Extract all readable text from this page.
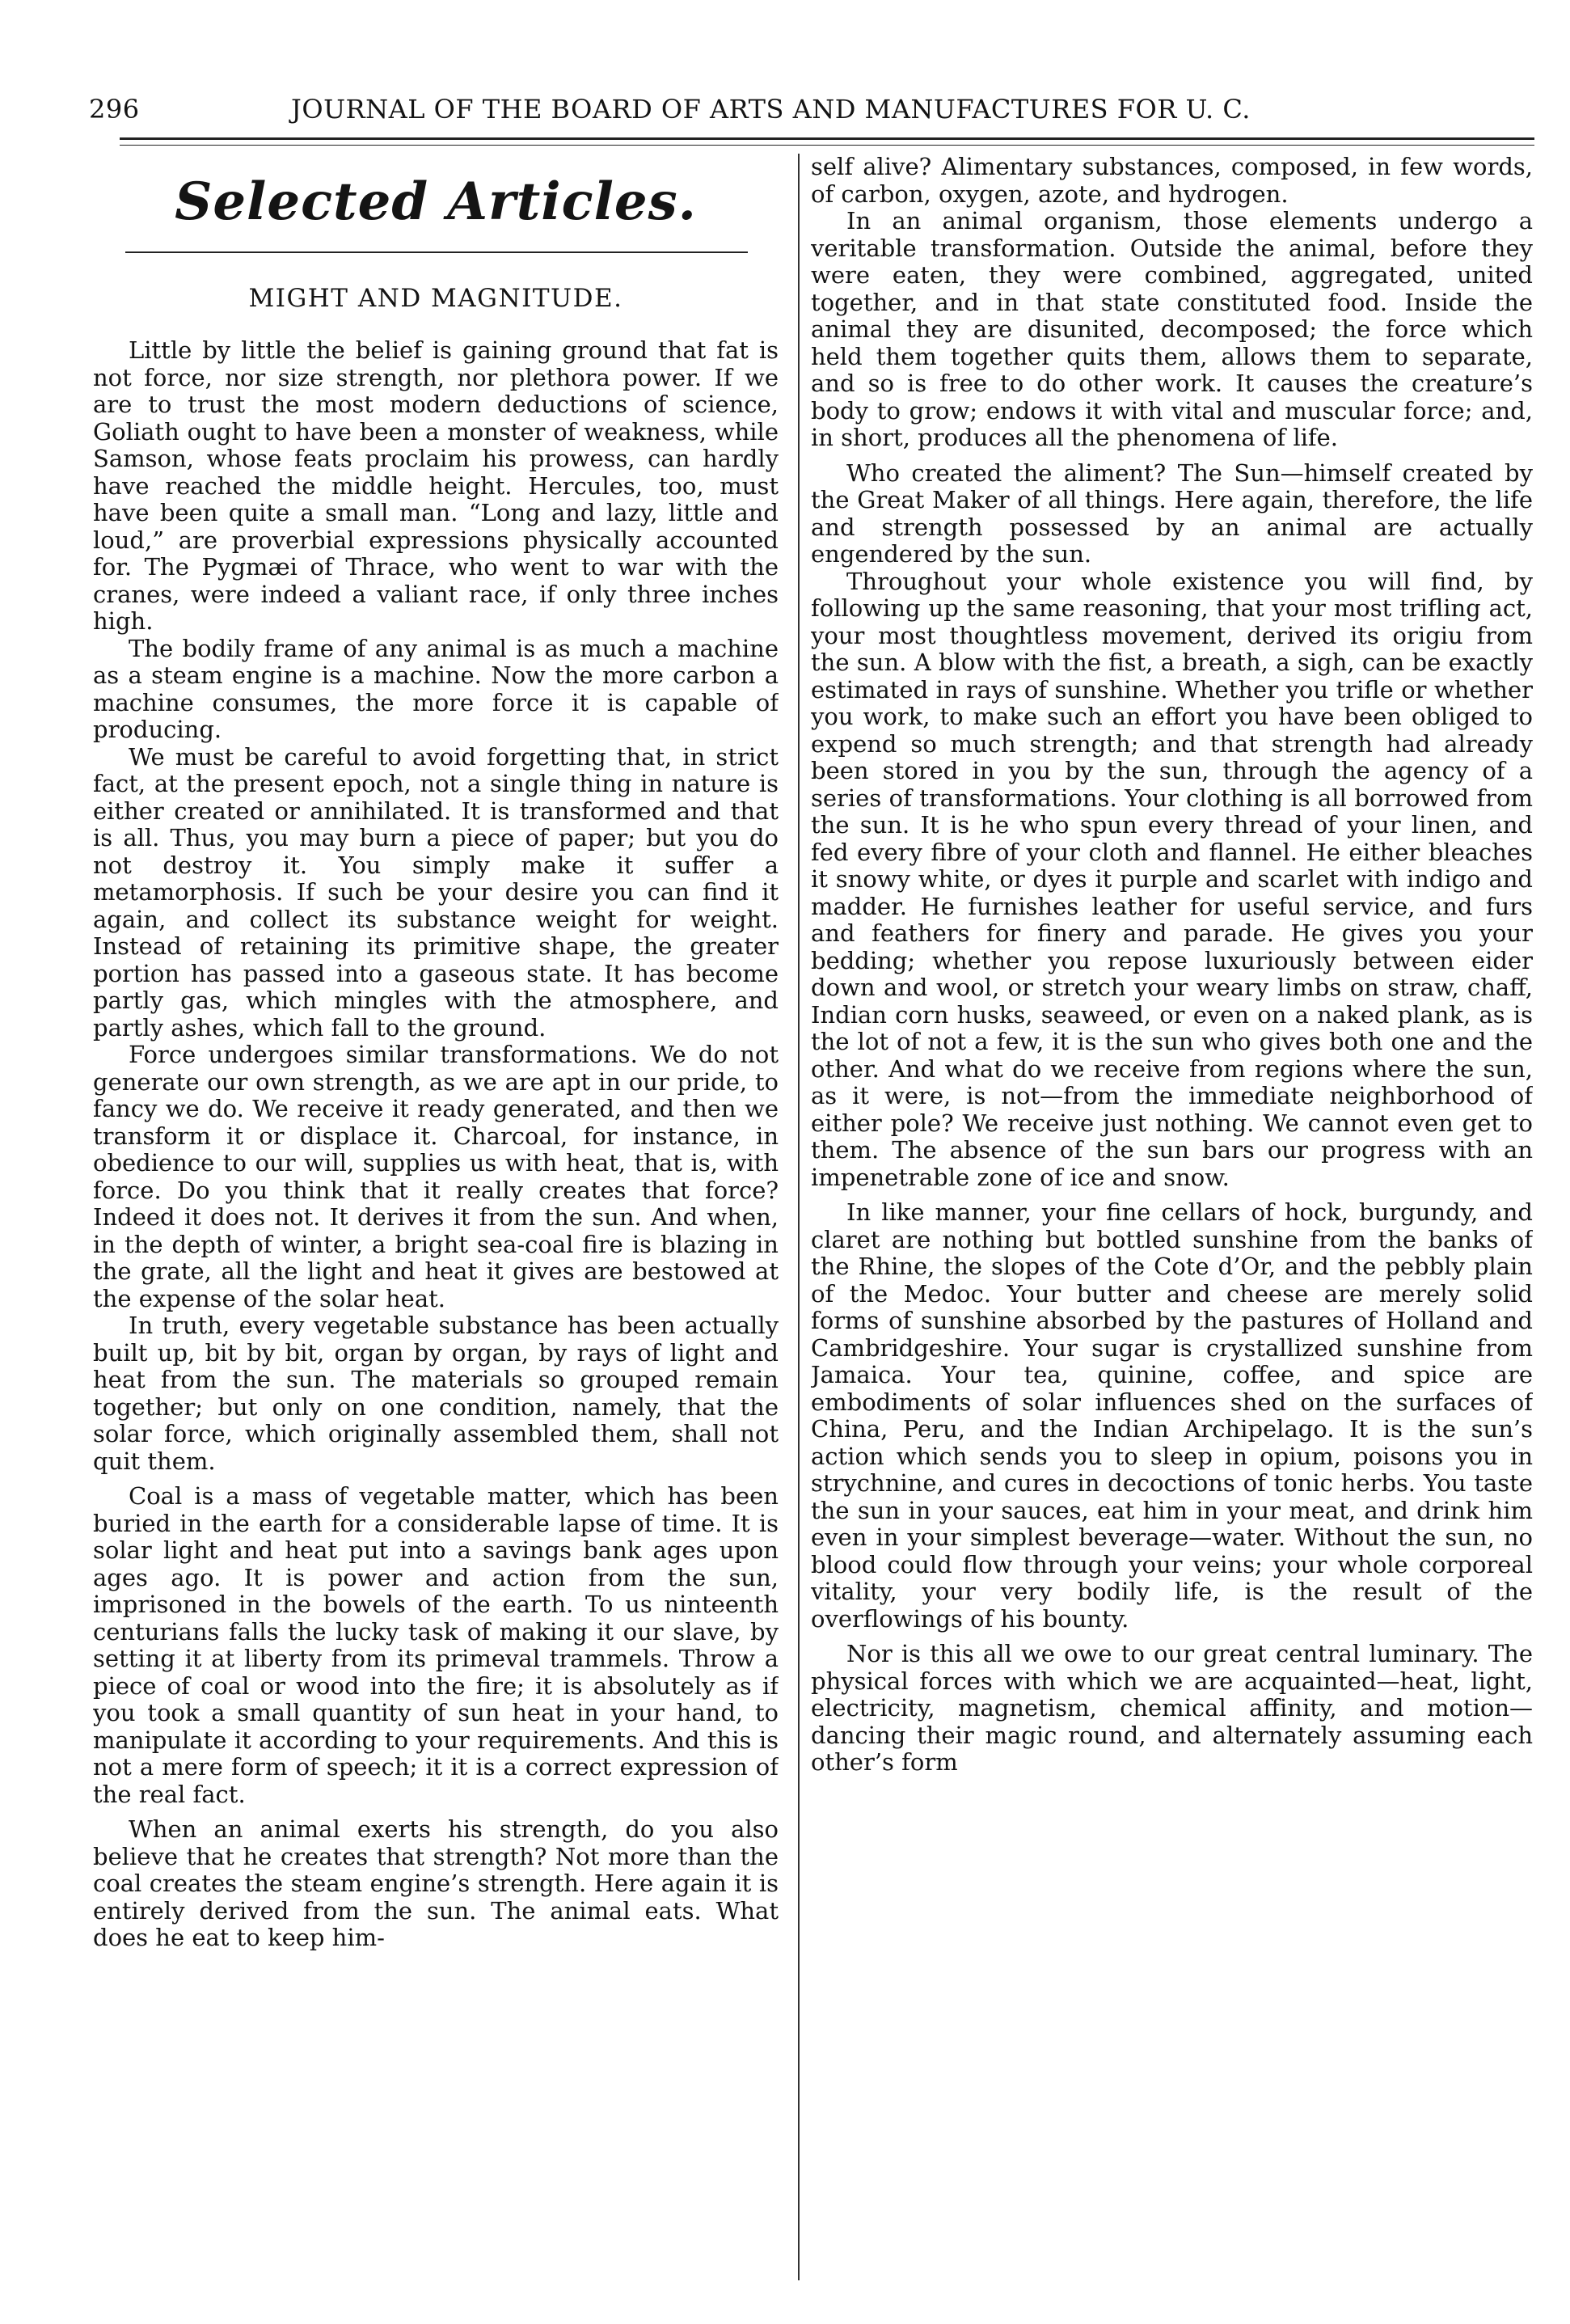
296	JOURNAL OF THE BOARD OF ARTS AND MANUFACTURES FOR U. C.
Selected Articles.
MIGHT AND MAGNITUDE.

Little by little the belief is gaining ground that fat is not force, nor size strength, nor plethora power. If we are to trust the most modern deductions of science, Goliath ought to have been a monster of weakness, while Samson, whose feats proclaim his prowess, can hardly have reached the middle height. Hercules, too, must have been quite a small man. “Long and lazy, little and loud,” are proverbial expressions physically accounted for. The Pygmæi of Thrace, who went to war with the cranes, were indeed a valiant race, if only three inches high.

The bodily frame of any animal is as much a machine as a steam engine is a machine. Now the more carbon a machine consumes, the more force it is capable of producing.

We must be careful to avoid forgetting that, in strict fact, at the present epoch, not a single thing in nature is either created or annihilated. It is transformed and that is all. Thus, you may burn a piece of paper; but you do not destroy it. You simply make it suffer a metamorphosis. If such be your desire you can find it again, and collect its substance weight for weight. Instead of retaining its primitive shape, the greater portion has passed into a gaseous state. It has become partly gas, which mingles with the atmosphere, and partly ashes, which fall to the ground.

Force undergoes similar transformations. We do not generate our own strength, as we are apt in our pride, to fancy we do. We receive it ready generated, and then we transform it or displace it. Charcoal, for instance, in obedience to our will, supplies us with heat, that is, with force. Do you think that it really creates that force? Indeed it does not. It derives it from the sun. And when, in the depth of winter, a bright sea-coal fire is blazing in the grate, all the light and heat it gives are bestowed at the expense of the solar heat.

In truth, every vegetable substance has been actually built up, bit by bit, organ by organ, by rays of light and heat from the sun. The materials so grouped remain together; but only on one condition, namely, that the solar force, which originally assembled them, shall not quit them.

Coal is a mass of vegetable matter, which has been buried in the earth for a considerable lapse of time. It is solar light and heat put into a savings bank ages upon ages ago. It is power and action from the sun, imprisoned in the bowels of the earth. To us ninteenth centurians falls the lucky task of making it our slave, by setting it at liberty from its primeval trammels. Throw a piece of coal or wood into the fire; it is absolutely as if you took a small quantity of sun heat in your hand, to manipulate it according to your requirements. And this is not a mere form of speech; it it is a correct expression of the real fact.

When an animal exerts his strength, do you also believe that he creates that strength? Not more than the coal creates the steam engine’s strength. Here again it is entirely derived from the sun. The animal eats. What does he eat to keep him-

self alive? Alimentary substances, composed, in few words, of carbon, oxygen, azote, and hydrogen.

In an animal organism, those elements undergo a veritable transformation. Outside the animal, before they were eaten, they were combined, aggregated, united together, and in that state constituted food. Inside the animal they are disunited, decomposed; the force which held them together quits them, allows them to separate, and so is free to do other work. It causes the creature’s body to grow; endows it with vital and muscular force; and, in short, produces all the phenomena of life.

Who created the aliment? The Sun—himself created by the Great Maker of all things. Here again, therefore, the life and strength possessed by an animal are actually engendered by the sun.

Throughout your whole existence you will find, by following up the same reasoning, that your most trifling act, your most thoughtless movement, derived its origiu from the sun. A blow with the fist, a breath, a sigh, can be exactly estimated in rays of sunshine. Whether you trifle or whether you work, to make such an effort you have been obliged to expend so much strength; and that strength had already been stored in you by the sun, through the agency of a series of transformations. Your clothing is all borrowed from the sun. It is he who spun every thread of your linen, and fed every fibre of your cloth and flannel. He either bleaches it snowy white, or dyes it purple and scarlet with indigo and madder. He furnishes leather for useful service, and furs and feathers for finery and parade. He gives you your bedding; whether you repose luxuriously between eider down and wool, or stretch your weary limbs on straw, chaff, Indian corn husks, seaweed, or even on a naked plank, as is the lot of not a few, it is the sun who gives both one and the other. And what do we receive from regions where the sun, as it were, is not—from the immediate neighborhood of either pole? We receive just nothing. We cannot even get to them. The absence of the sun bars our progress with an impenetrable zone of ice and snow.

In like manner, your fine cellars of hock, burgundy, and claret are nothing but bottled sunshine from the banks of the Rhine, the slopes of the Cote d’Or, and the pebbly plain of the Medoc. Your butter and cheese are merely solid forms of sunshine absorbed by the pastures of Holland and Cambridgeshire. Your sugar is crystallized sunshine from Jamaica. Your tea, quinine, coffee, and spice are embodiments of solar influences shed on the surfaces of China, Peru, and the Indian Archipelago. It is the sun’s action which sends you to sleep in opium, poisons you in strychnine, and cures in decoctions of tonic herbs. You taste the sun in your sauces, eat him in your meat, and drink him even in your simplest beverage—water. Without the sun, no blood could flow through your veins; your whole corporeal vitality, your very bodily life, is the result of the overflowings of his bounty.

Nor is this all we owe to our great central luminary. The physical forces with which we are acquainted—heat, light, electricity, magnetism, chemical affinity, and motion—dancing their magic round, and alternately assuming each other’s form
